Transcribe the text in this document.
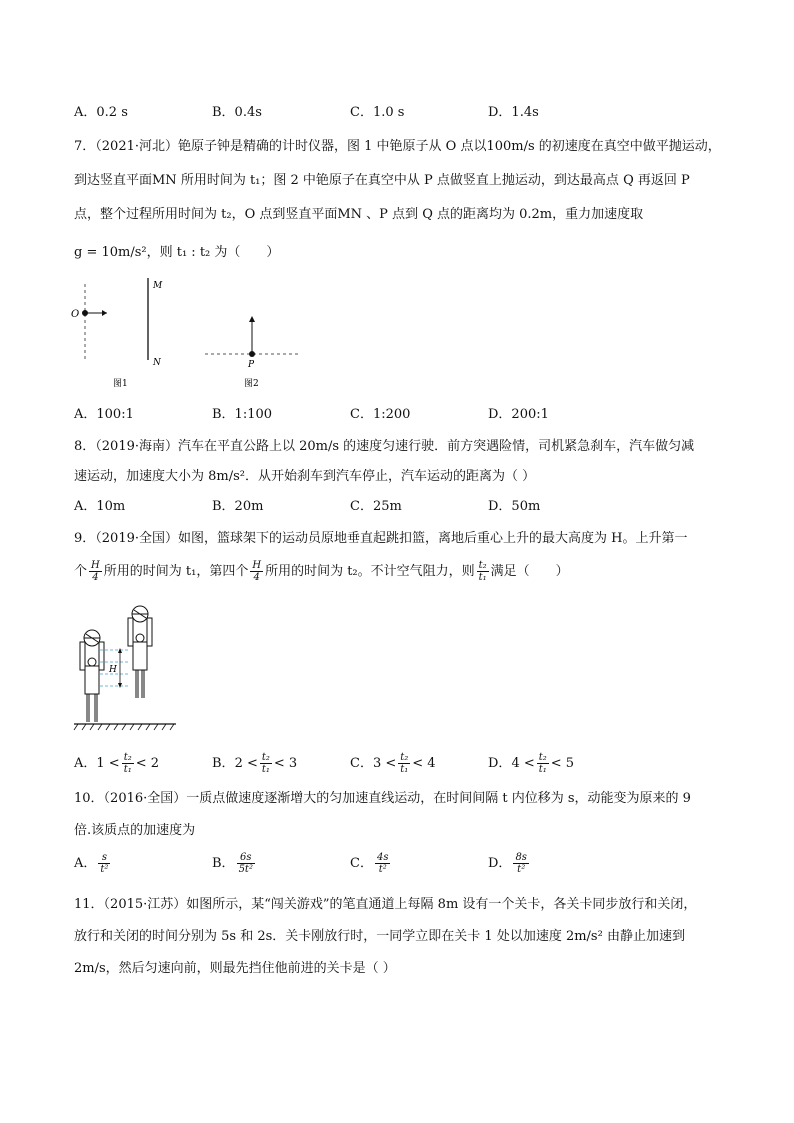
A．0.2 s	B．0.4s	C．1.0 s	D．1.4s
7．（2021·河北）铯原子钟是精确的计时仪器，图 1 中铯原子从 O 点以100m/s 的初速度在真空中做平抛运动，
到达竖直平面MN 所用时间为 t₁；图 2 中铯原子在真空中从 P 点做竖直上抛运动，到达最高点 Q 再返回 P
点，整个过程所用时间为 t₂，O 点到竖直平面MN 、P 点到 Q 点的距离均为 0.2m，重力加速度取
g = 10m/s²，则 t₁ : t₂ 为（　　）
O
M
N
图1
P
图2
A．100:1	B．1:100	C．1:200	D．200:1
8．（2019·海南）汽车在平直公路上以 20m/s 的速度匀速行驶．前方突遇险情，司机紧急刹车，汽车做匀减
速运动，加速度大小为 8m/s²．从开始刹车到汽车停止，汽车运动的距离为（ ）
A．10m	B．20m	C．25m	D．50m
9．（2019·全国）如图，篮球架下的运动员原地垂直起跳扣篮，离地后重心上升的最大高度为 H。上升第一
个 $\frac{H}{4}$ 所用的时间为 t₁，第四个 $\frac{H}{4}$ 所用的时间为 t₂。不计空气阻力，则 $\frac{\text{t₂}}{\text{t₁}}$ 满足（　　）
H
A．$1 < \frac{\text{t₂}}{\text{t₁}} < 2$	B．$2 < \frac{\text{t₂}}{\text{t₁}} < 3$	C．$3 < \frac{\text{t₂}}{\text{t₁}} < 4$	D．$4 < \frac{\text{t₂}}{\text{t₁}} < 5$
10．（2016·全国）一质点做速度逐渐增大的匀加速直线运动，在时间间隔 t 内位移为 s，动能变为原来的 9
倍.该质点的加速度为
A． $\frac{s}{\text{t²}}$	B． $\frac{6s}{\text{5t²}}$	C． $\frac{4s}{\text{t²}}$	D． $\frac{8s}{\text{t²}}$
11．（2015·江苏）如图所示，某“闯关游戏”的笔直通道上每隔 8m 设有一个关卡，各关卡同步放行和关闭，
放行和关闭的时间分别为 5s 和 2s．关卡刚放行时，一同学立即在关卡 1 处以加速度 2m/s² 由静止加速到
2m/s，然后匀速向前，则最先挡住他前进的关卡是（ ）
